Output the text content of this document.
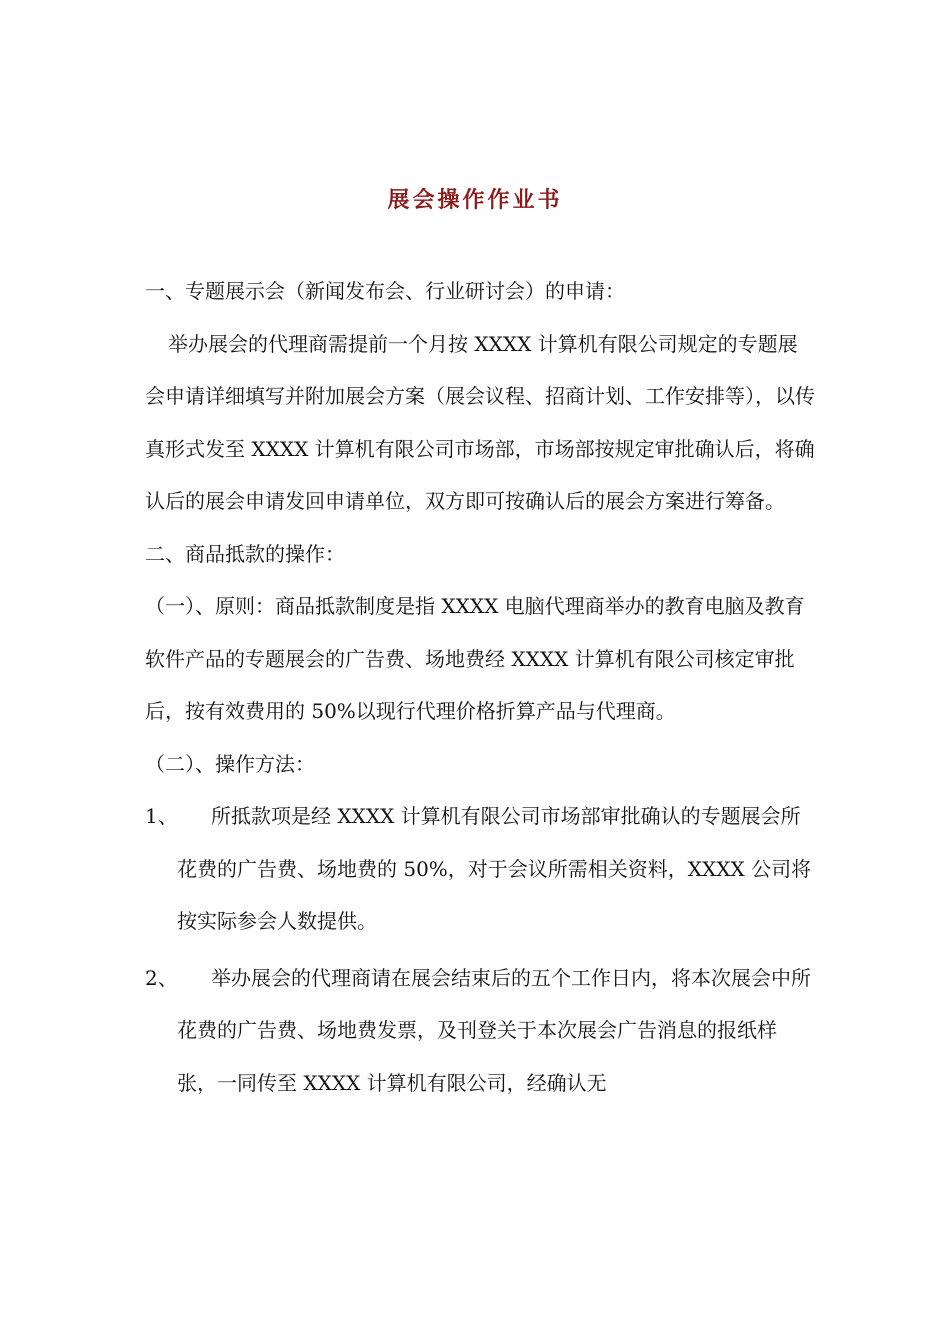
展会操作作业书

一、专题展示会（新闻发布会、行业研讨会）的申请：

举办展会的代理商需提前一个月按 XXXX 计算机有限公司规定的专题展会申请详细填写并附加展会方案（展会议程、招商计划、工作安排等），以传真形式发至 XXXX 计算机有限公司市场部，市场部按规定审批确认后，将确认后的展会申请发回申请单位，双方即可按确认后的展会方案进行筹备。

二、商品抵款的操作：

（一）、原则：商品抵款制度是指 XXXX 电脑代理商举办的教育电脑及教育软件产品的专题展会的广告费、场地费经 XXXX 计算机有限公司核定审批后，按有效费用的 50%以现行代理价格折算产品与代理商。

（二）、操作方法：

1、	所抵款项是经 XXXX 计算机有限公司市场部审批确认的专题展会所花费的广告费、场地费的 50%，对于会议所需相关资料，XXXX 公司将按实际参会人数提供。
2、	举办展会的代理商请在展会结束后的五个工作日内，将本次展会中所花费的广告费、场地费发票，及刊登关于本次展会广告消息的报纸样张，一同传至 XXXX 计算机有限公司，经确认无
